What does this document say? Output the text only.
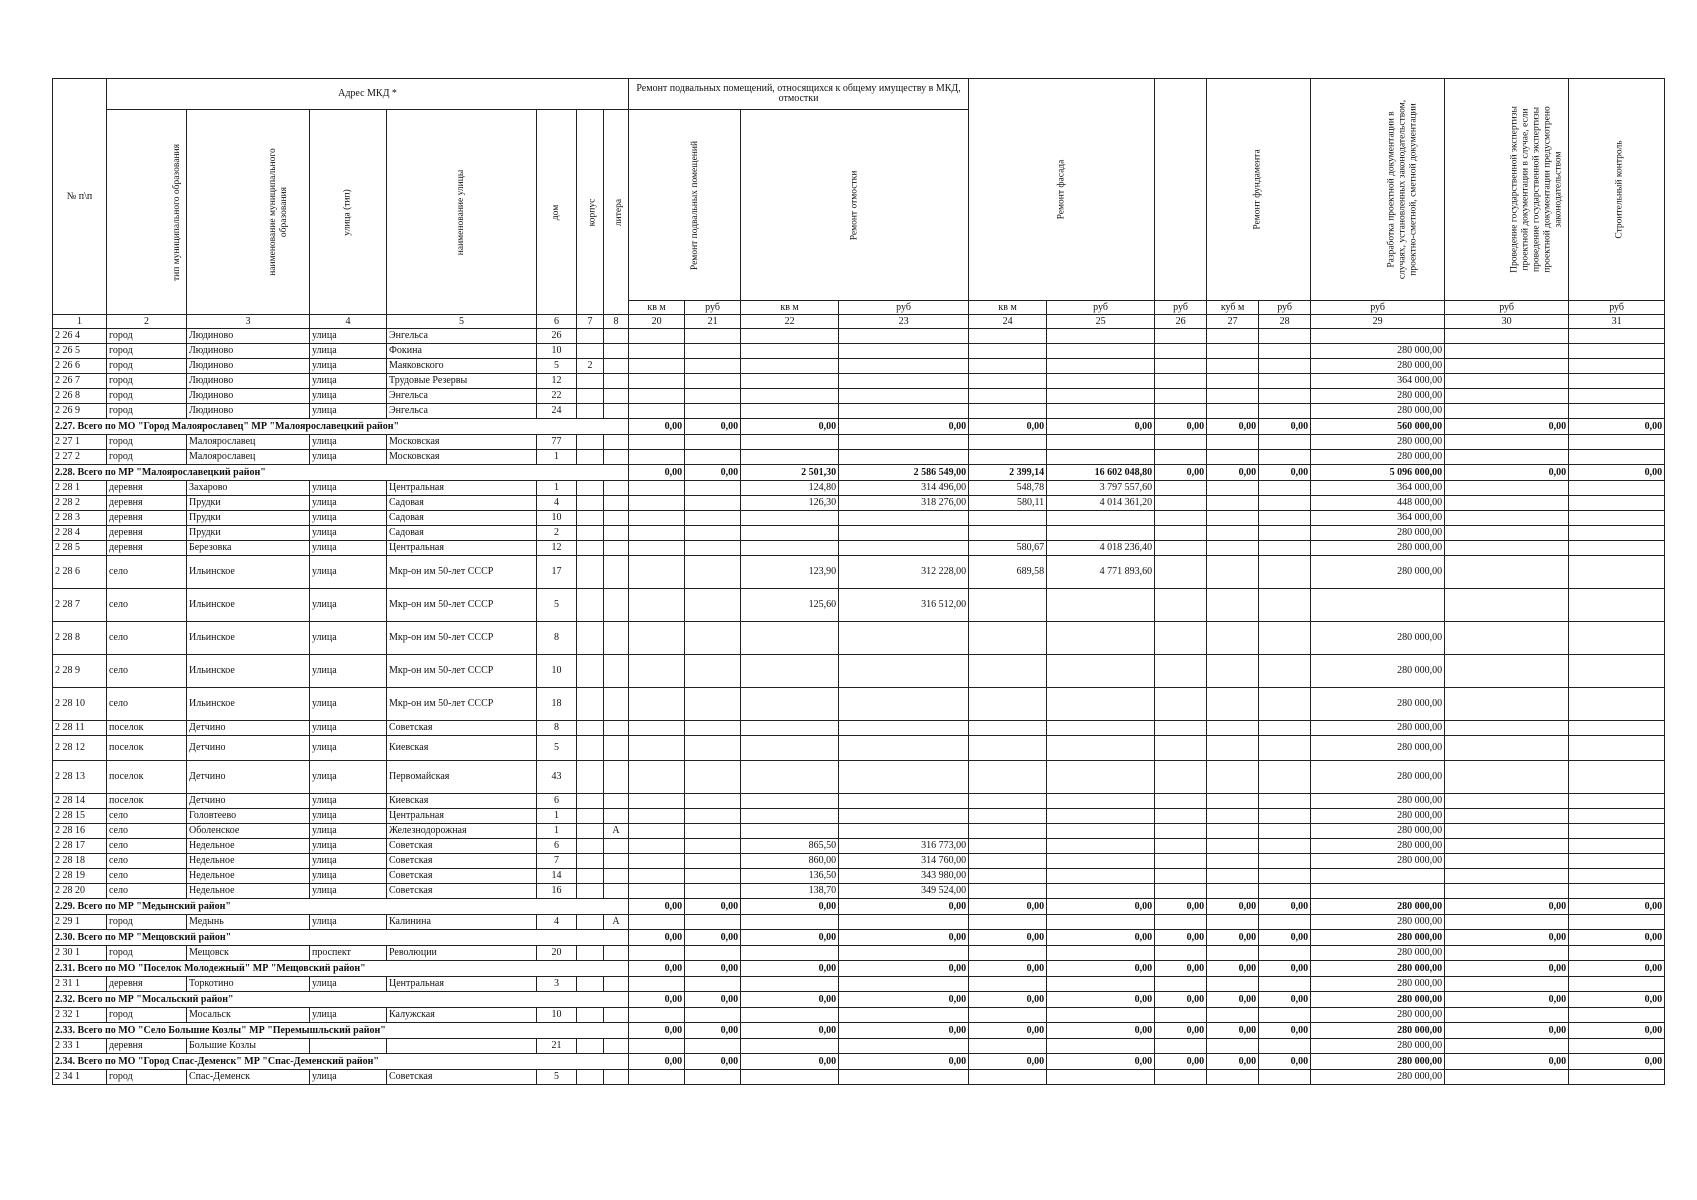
№ п\п	Адрес МКД *							Ремонт подвальных помещений, относящихся к общему имуществу в МКД, отмостки				Ремонт фасада			Ремонт фундамента		Разработка проектной документации в случаях, установленных законодательством, проектно-сметной, сметной документации	Проведение государственной экспертизы проектной документации в случае, если проведение государственной экспертизы проектной документации предусмотрено законодательством	Строительный контроль
	тип муниципального образования	наименование муниципального образования	улица (тип)	наименование улицы	дом	корпус	литера	Ремонт подвальных помещений		Ремонт отмостки									
								кв м	руб	кв м	руб	кв м	руб	руб	куб м	руб	руб	руб	руб
1	2	3	4	5	6	7	8	20	21	22	23	24	25	26	27	28	29	30	31
2 26 4	город	Людиново	улица	Энгельса	26														
2 26 5	город	Людиново	улица	Фокина	10												280 000,00		
2 26 6	город	Людиново	улица	Маяковского	5	2											280 000,00		
2 26 7	город	Людиново	улица	Трудовые Резервы	12												364 000,00		
2 26 8	город	Людиново	улица	Энгельса	22												280 000,00		
2 26 9	город	Людиново	улица	Энгельса	24												280 000,00		
2.27. Всего по МО "Город Малоярославец" МР "Малоярославецкий район"								0,00	0,00	0,00	0,00	0,00	0,00	0,00	0,00	0,00	560 000,00	0,00	0,00
2 27 1	город	Малоярославец	улица	Московская	77												280 000,00		
2 27 2	город	Малоярославец	улица	Московская	1												280 000,00		
2.28. Всего по МР "Малоярославецкий район"								0,00	0,00	2 501,30	2 586 549,00	2 399,14	16 602 048,80	0,00	0,00	0,00	5 096 000,00	0,00	0,00
2 28 1	деревня	Захарово	улица	Центральная	1					124,80	314 496,00	548,78	3 797 557,60				364 000,00		
2 28 2	деревня	Прудки	улица	Садовая	4					126,30	318 276,00	580,11	4 014 361,20				448 000,00		
2 28 3	деревня	Прудки	улица	Садовая	10												364 000,00		
2 28 4	деревня	Прудки	улица	Садовая	2												280 000,00		
2 28 5	деревня	Березовка	улица	Центральная	12							580,67	4 018 236,40				280 000,00		
2 28 6	село	Ильинское	улица	Мкр-он им 50-лет СССР	17					123,90	312 228,00	689,58	4 771 893,60				280 000,00		
2 28 7	село	Ильинское	улица	Мкр-он им 50-лет СССР	5					125,60	316 512,00								
2 28 8	село	Ильинское	улица	Мкр-он им 50-лет СССР	8												280 000,00		
2 28 9	село	Ильинское	улица	Мкр-он им 50-лет СССР	10												280 000,00		
2 28 10	село	Ильинское	улица	Мкр-он им 50-лет СССР	18												280 000,00		
2 28 11	поселок	Детчино	улица	Советская	8												280 000,00		
2 28 12	поселок	Детчино	улица	Киевская	5												280 000,00		
2 28 13	поселок	Детчино	улица	Первомайская	43												280 000,00		
2 28 14	поселок	Детчино	улица	Киевская	6												280 000,00		
2 28 15	село	Головтеево	улица	Центральная	1												280 000,00		
2 28 16	село	Оболенское	улица	Железнодорожная	1		А										280 000,00		
2 28 17	село	Недельное	улица	Советская	6					865,50	316 773,00						280 000,00		
2 28 18	село	Недельное	улица	Советская	7					860,00	314 760,00						280 000,00		
2 28 19	село	Недельное	улица	Советская	14					136,50	343 980,00								
2 28 20	село	Недельное	улица	Советская	16					138,70	349 524,00								
2.29. Всего по МР "Медынский район"								0,00	0,00	0,00	0,00	0,00	0,00	0,00	0,00	0,00	280 000,00	0,00	0,00
2 29 1	город	Медынь	улица	Калинина	4		А										280 000,00		
2.30. Всего по МР "Мещовский район"								0,00	0,00	0,00	0,00	0,00	0,00	0,00	0,00	0,00	280 000,00	0,00	0,00
2 30 1	город	Мещовск	проспект	Революции	20												280 000,00		
2.31. Всего по МО "Поселок Молодежный" МР "Мещовский район"								0,00	0,00	0,00	0,00	0,00	0,00	0,00	0,00	0,00	280 000,00	0,00	0,00
2 31 1	деревня	Торкотино	улица	Центральная	3												280 000,00		
2.32. Всего по МР "Мосальский район"								0,00	0,00	0,00	0,00	0,00	0,00	0,00	0,00	0,00	280 000,00	0,00	0,00
2 32 1	город	Мосальск	улица	Калужская	10												280 000,00		
2.33. Всего по МО "Село Большие Козлы" МР "Перемышльский район"								0,00	0,00	0,00	0,00	0,00	0,00	0,00	0,00	0,00	280 000,00	0,00	0,00
2 33 1	деревня	Большие Козлы			21												280 000,00		
2.34. Всего по МО "Город Спас-Деменск" МР "Спас-Деменский район"								0,00	0,00	0,00	0,00	0,00	0,00	0,00	0,00	0,00	280 000,00	0,00	0,00
2 34 1	город	Спас-Деменск	улица	Советская	5												280 000,00		
